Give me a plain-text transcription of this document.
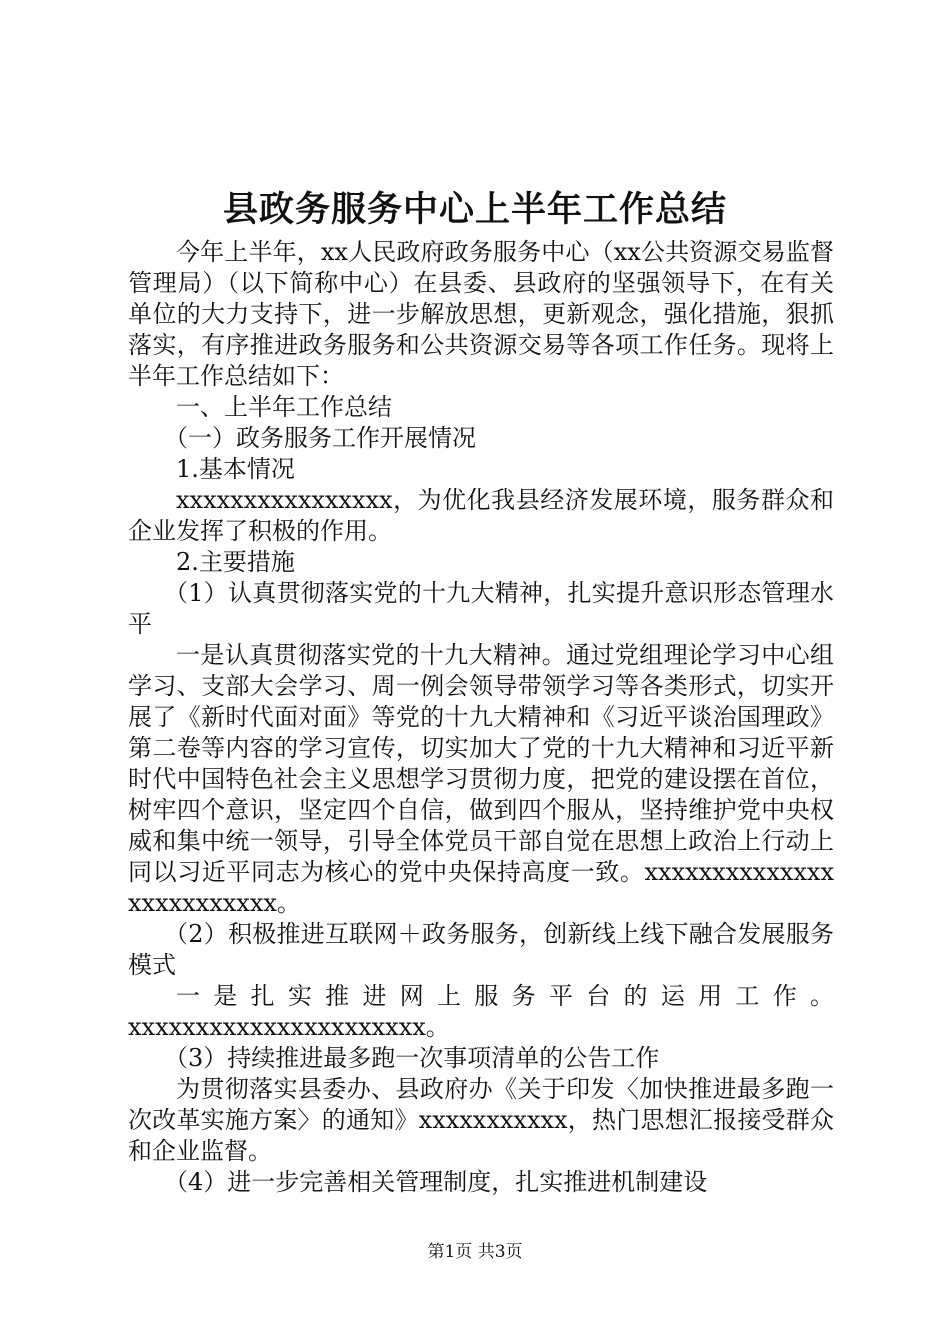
县政务服务中心上半年工作总结

今年上半年，xx人民政府政务服务中心（xx公共资源交易监督管理局）（以下简称中心）在县委、县政府的坚强领导下，在有关单位的大力支持下，进一步解放思想，更新观念，强化措施，狠抓落实，有序推进政务服务和公共资源交易等各项工作任务。现将上半年工作总结如下：

一、上半年工作总结

（一）政务服务工作开展情况

1.基本情况

xxxxxxxxxxxxxxxx，为优化我县经济发展环境，服务群众和企业发挥了积极的作用。

2.主要措施

（1）认真贯彻落实党的十九大精神，扎实提升意识形态管理水平

一是认真贯彻落实党的十九大精神。通过党组理论学习中心组学习、支部大会学习、周一例会领导带领学习等各类形式，切实开展了《新时代面对面》等党的十九大精神和《习近平谈治国理政》第二卷等内容的学习宣传，切实加大了党的十九大精神和习近平新时代中国特色社会主义思想学习贯彻力度，把党的建设摆在首位，树牢四个意识，坚定四个自信，做到四个服从，坚持维护党中央权威和集中统一领导，引导全体党员干部自觉在思想上政治上行动上同以习近平同志为核心的党中央保持高度一致。xxxxxxxxxxxxxxxxxxxxxxxxx。

（2）积极推进互联网＋政务服务，创新线上线下融合发展服务模式

一是扎实推进网上服务平台的运用工作。

xxxxxxxxxxxxxxxxxxxxxx。

（3）持续推进最多跑一次事项清单的公告工作

为贯彻落实县委办、县政府办《关于印发〈加快推进最多跑一次改革实施方案〉的通知》xxxxxxxxxxx，热门思想汇报接受群众和企业监督。

（4）进一步完善相关管理制度，扎实推进机制建设

第1页 共3页
